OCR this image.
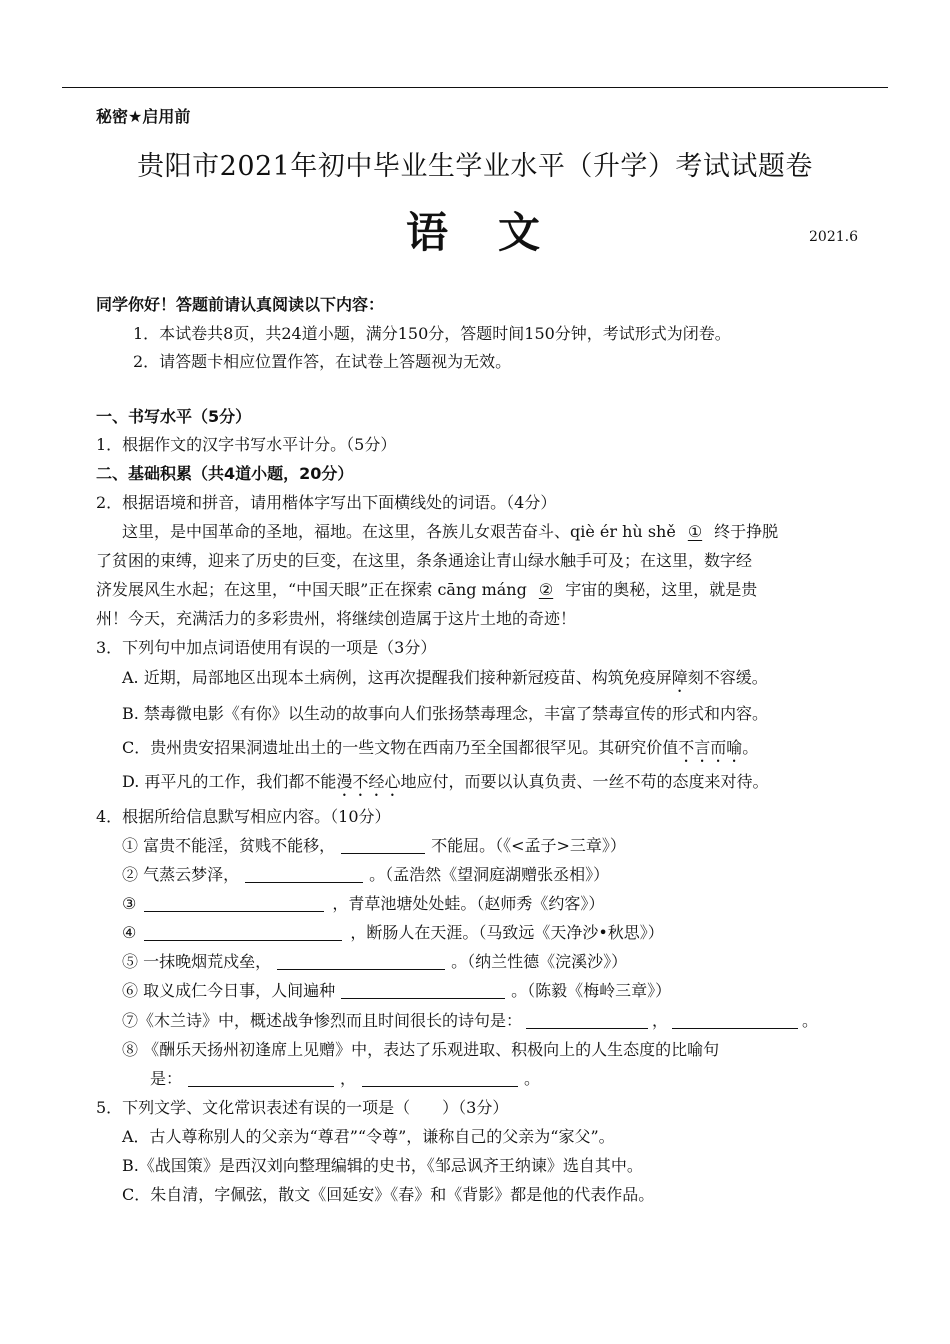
秘密★启用前
贵阳市2021年初中毕业生学业水平（升学）考试试题卷
语　文	2021.6
同学你好！答题前请认真阅读以下内容：
1．本试卷共8页，共24道小题，满分150分，答题时间150分钟，考试形式为闭卷。
2．请答题卡相应位置作答，在试卷上答题视为无效。
一、书写水平（5分）
1．根据作文的汉字书写水平计分。（5分）
二、基础积累（共4道小题，20分）
2．根据语境和拼音，请用楷体字写出下面横线处的词语。（4分）
这里，是中国革命的圣地，福地。在这里，各族儿女艰苦奋斗、qiè ér hù shě ① 终于挣脱
了贫困的束缚，迎来了历史的巨变，在这里，条条通途让青山绿水触手可及；在这里，数字经
济发展风生水起；在这里，“中国天眼”正在探索 cāng máng ② 宇宙的奥秘，这里，就是贵
州！今天，充满活力的多彩贵州，将继续创造属于这片土地的奇迹！
3．下列句中加点词语使用有误的一项是（3分）
A. 近期，局部地区出现本土病例，这再次提醒我们接种新冠疫苗、构筑免疫屏障刻不容缓。
B. 禁毒微电影《有你》以生动的故事向人们张扬禁毒理念，丰富了禁毒宣传的形式和内容。
C．贵州贵安招果洞遗址出土的一些文物在西南乃至全国都很罕见。其研究价值不言而喻。
D. 再平凡的工作，我们都不能漫不经心地应付，而要以认真负责、一丝不苟的态度来对待。
4．根据所给信息默写相应内容。（10分）
① 富贵不能淫，贫贱不能移，	不能屈。（《<孟子>三章》）
② 气蒸云梦泽，	。（孟浩然《望洞庭湖赠张丞相》）
③	，青草池塘处处蛙。（赵师秀《约客》）
④	，断肠人在天涯。（马致远《天净沙•秋思》）
⑤ 一抹晚烟荒戍垒，	。（纳兰性德《浣溪沙》）
⑥ 取义成仁今日事，人间遍种	。（陈毅《梅岭三章》）
⑦《木兰诗》中，概述战争惨烈而且时间很长的诗句是：	，	。
⑧ 《酬乐天扬州初逢席上见赠》中，表达了乐观进取、积极向上的人生态度的比喻句
是：	，	。
5．下列文学、文化常识表述有误的一项是（　　）（3分）
A．古人尊称别人的父亲为“尊君”“令尊”，谦称自己的父亲为“家父”。
B.《战国策》是西汉刘向整理编辑的史书，《邹忌讽齐王纳谏》选自其中。
C．朱自清，字佩弦，散文《回延安》《春》和《背影》都是他的代表作品。
